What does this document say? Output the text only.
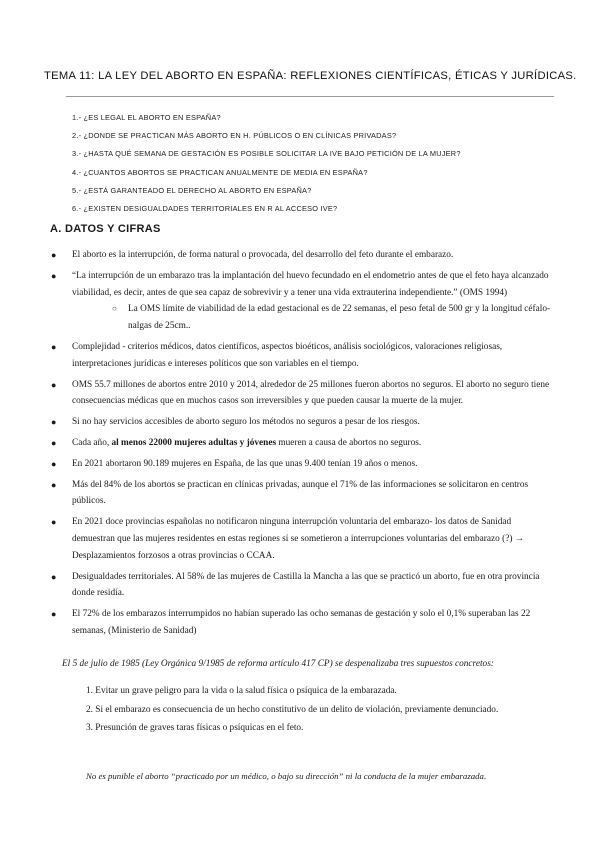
TEMA 11: LA LEY DEL ABORTO EN ESPAÑA: REFLEXIONES CIENTÍFICAS, ÉTICAS Y JURÍDICAS.
1.- ¿ES LEGAL EL ABORTO EN ESPAÑA?
2.- ¿DONDE SE PRACTICAN MÁS ABORTO EN H. PÚBLICOS O EN CLÍNICAS PRIVADAS?
3.- ¿HASTA QUÉ SEMANA DE GESTACIÓN ES POSIBLE SOLICITAR LA IVE BAJO PETICIÓN DE LA MUJER?
4.- ¿CUANTOS ABORTOS SE PRACTICAN ANUALMENTE DE MEDIA EN ESPAÑA?
5.- ¿ESTÁ GARANTEADO EL DERECHO AL ABORTO EN ESPAÑA?
6.- ¿EXISTEN DESIGUALDADES TERRITORIALES EN R AL ACCESO IVE?
A. DATOS Y CIFRAS
● El aborto es la interrupción, de forma natural o provocada, del desarrollo del feto durante el embarazo.
● “La interrupción de un embarazo tras la implantación del huevo fecundado en el endometrio antes de que el feto haya alcanzado viabilidad, es decir, antes de que sea capaz de sobrevivir y a tener una vida extrauterina independiente.” (OMS 1994)
○ La OMS límite de viabilidad de la edad gestacional es de 22 semanas, el peso fetal de 500 gr y la longitud céfalo-nalgas de 25cm..
● Complejidad - criterios médicos, datos científicos, aspectos bioéticos, análisis sociológicos, valoraciones religiosas, interpretaciones jurídicas e intereses políticos que son variables en el tiempo.
● OMS 55.7 millones de abortos entre 2010 y 2014, alrededor de 25 millones fueron abortos no seguros. El aborto no seguro tiene consecuencias médicas que en muchos casos son irreversibles y que pueden causar la muerte de la mujer.
● Si no hay servicios accesibles de aborto seguro los métodos no seguros a pesar de los riesgos.
● Cada año, al menos 22000 mujeres adultas y jóvenes mueren a causa de abortos no seguros.
● En 2021 abortaron 90.189 mujeres en España, de las que unas 9.400 tenían 19 años o menos.
● Más del 84% de los abortos se practican en clínicas privadas, aunque el 71% de las informaciones se solicitaron en centros públicos.
● En 2021 doce provincias españolas no notificaron ninguna interrupción voluntaria del embarazo- los datos de Sanidad demuestran que las mujeres residentes en estas regiones sí se sometieron a interrupciones voluntarias del embarazo (?) → Desplazamientos forzosos a otras provincias o CCAA.
● Desigualdades territoriales. Al 58% de las mujeres de Castilla la Mancha a las que se practicó un aborto, fue en otra provincia donde residía.
● El 72% de los embarazos interrumpidos no habían superado las ocho semanas de gestación y solo el 0,1% superaban las 22 semanas, (Ministerio de Sanidad)
El 5 de julio de 1985 (Ley Orgánica 9/1985 de reforma artículo 417 CP) se despenalizaba tres supuestos concretos:
1. Evitar un grave peligro para la vida o la salud física o psíquica de la embarazada.
2. Si el embarazo es consecuencia de un hecho constitutivo de un delito de violación, previamente denunciado.
3. Presunción de graves taras físicas o psíquicas en el feto.
No es punible el aborto “practicado por un médico, o bajo su dirección” ni la conducta de la mujer embarazada.
